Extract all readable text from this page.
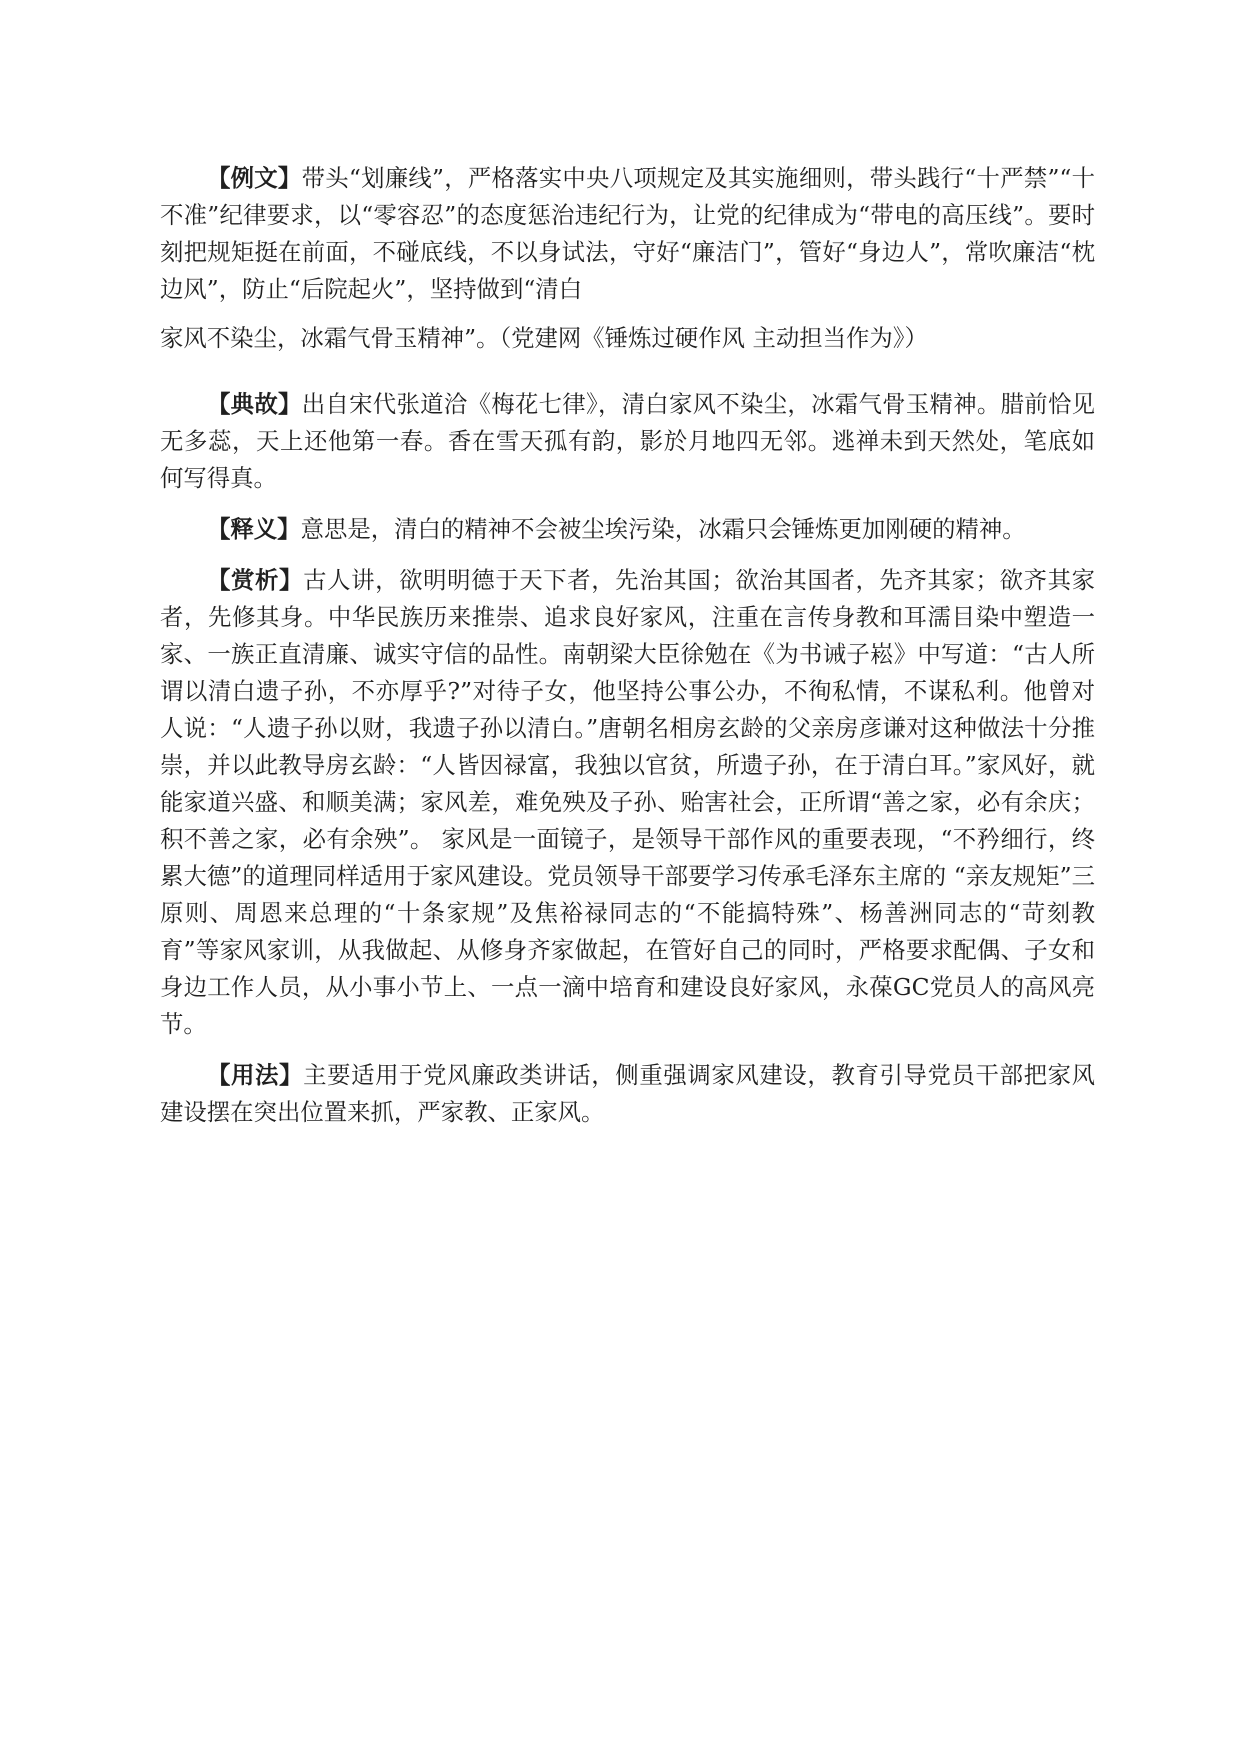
【例文】带头“划廉线”，严格落实中央八项规定及其实施细则，带头践行“十严禁”“十不准”纪律要求，以“零容忍”的态度惩治违纪行为，让党的纪律成为“带电的高压线”。要时刻把规矩挺在前面，不碰底线，不以身试法，守好“廉洁门”，管好“身边人”，常吹廉洁“枕边风”，防止“后院起火”，坚持做到“清白
家风不染尘，冰霜气骨玉精神”。（党建网《锤炼过硬作风 主动担当作为》）

【典故】出自宋代张道洽《梅花七律》，清白家风不染尘，冰霜气骨玉精神。腊前恰见无多蕊，天上还他第一春。香在雪天孤有韵，影於月地四无邻。逃禅未到天然处，笔底如何写得真。

【释义】意思是，清白的精神不会被尘埃污染，冰霜只会锤炼更加刚硬的精神。

【赏析】古人讲，欲明明德于天下者，先治其国；欲治其国者，先齐其家；欲齐其家者，先修其身。中华民族历来推崇、追求良好家风，注重在言传身教和耳濡目染中塑造一家、一族正直清廉、诚实守信的品性。南朝梁大臣徐勉在《为书诫子崧》中写道：“古人所谓以清白遗子孙，不亦厚乎?”对待子女，他坚持公事公办，不徇私情，不谋私利。他曾对人说：“人遗子孙以财，我遗子孙以清白。”唐朝名相房玄龄的父亲房彦谦对这种做法十分推崇，并以此教导房玄龄：“人皆因禄富，我独以官贫，所遗子孙，在于清白耳。”家风好，就能家道兴盛、和顺美满；家风差，难免殃及子孙、贻害社会，正所谓“善之家，必有余庆；积不善之家，必有余殃”。 家风是一面镜子，是领导干部作风的重要表现，“不矜细行，终累大德”的道理同样适用于家风建设。党员领导干部要学习传承毛泽东主席的 “亲友规矩”三原则、周恩来总理的“十条家规”及焦裕禄同志的“不能搞特殊”、杨善洲同志的“苛刻教育”等家风家训，从我做起、从修身齐家做起，在管好自己的同时，严格要求配偶、子女和身边工作人员，从小事小节上、一点一滴中培育和建设良好家风，永葆GC党员人的高风亮节。

【用法】主要适用于党风廉政类讲话，侧重强调家风建设，教育引导党员干部把家风建设摆在突出位置来抓，严家教、正家风。
